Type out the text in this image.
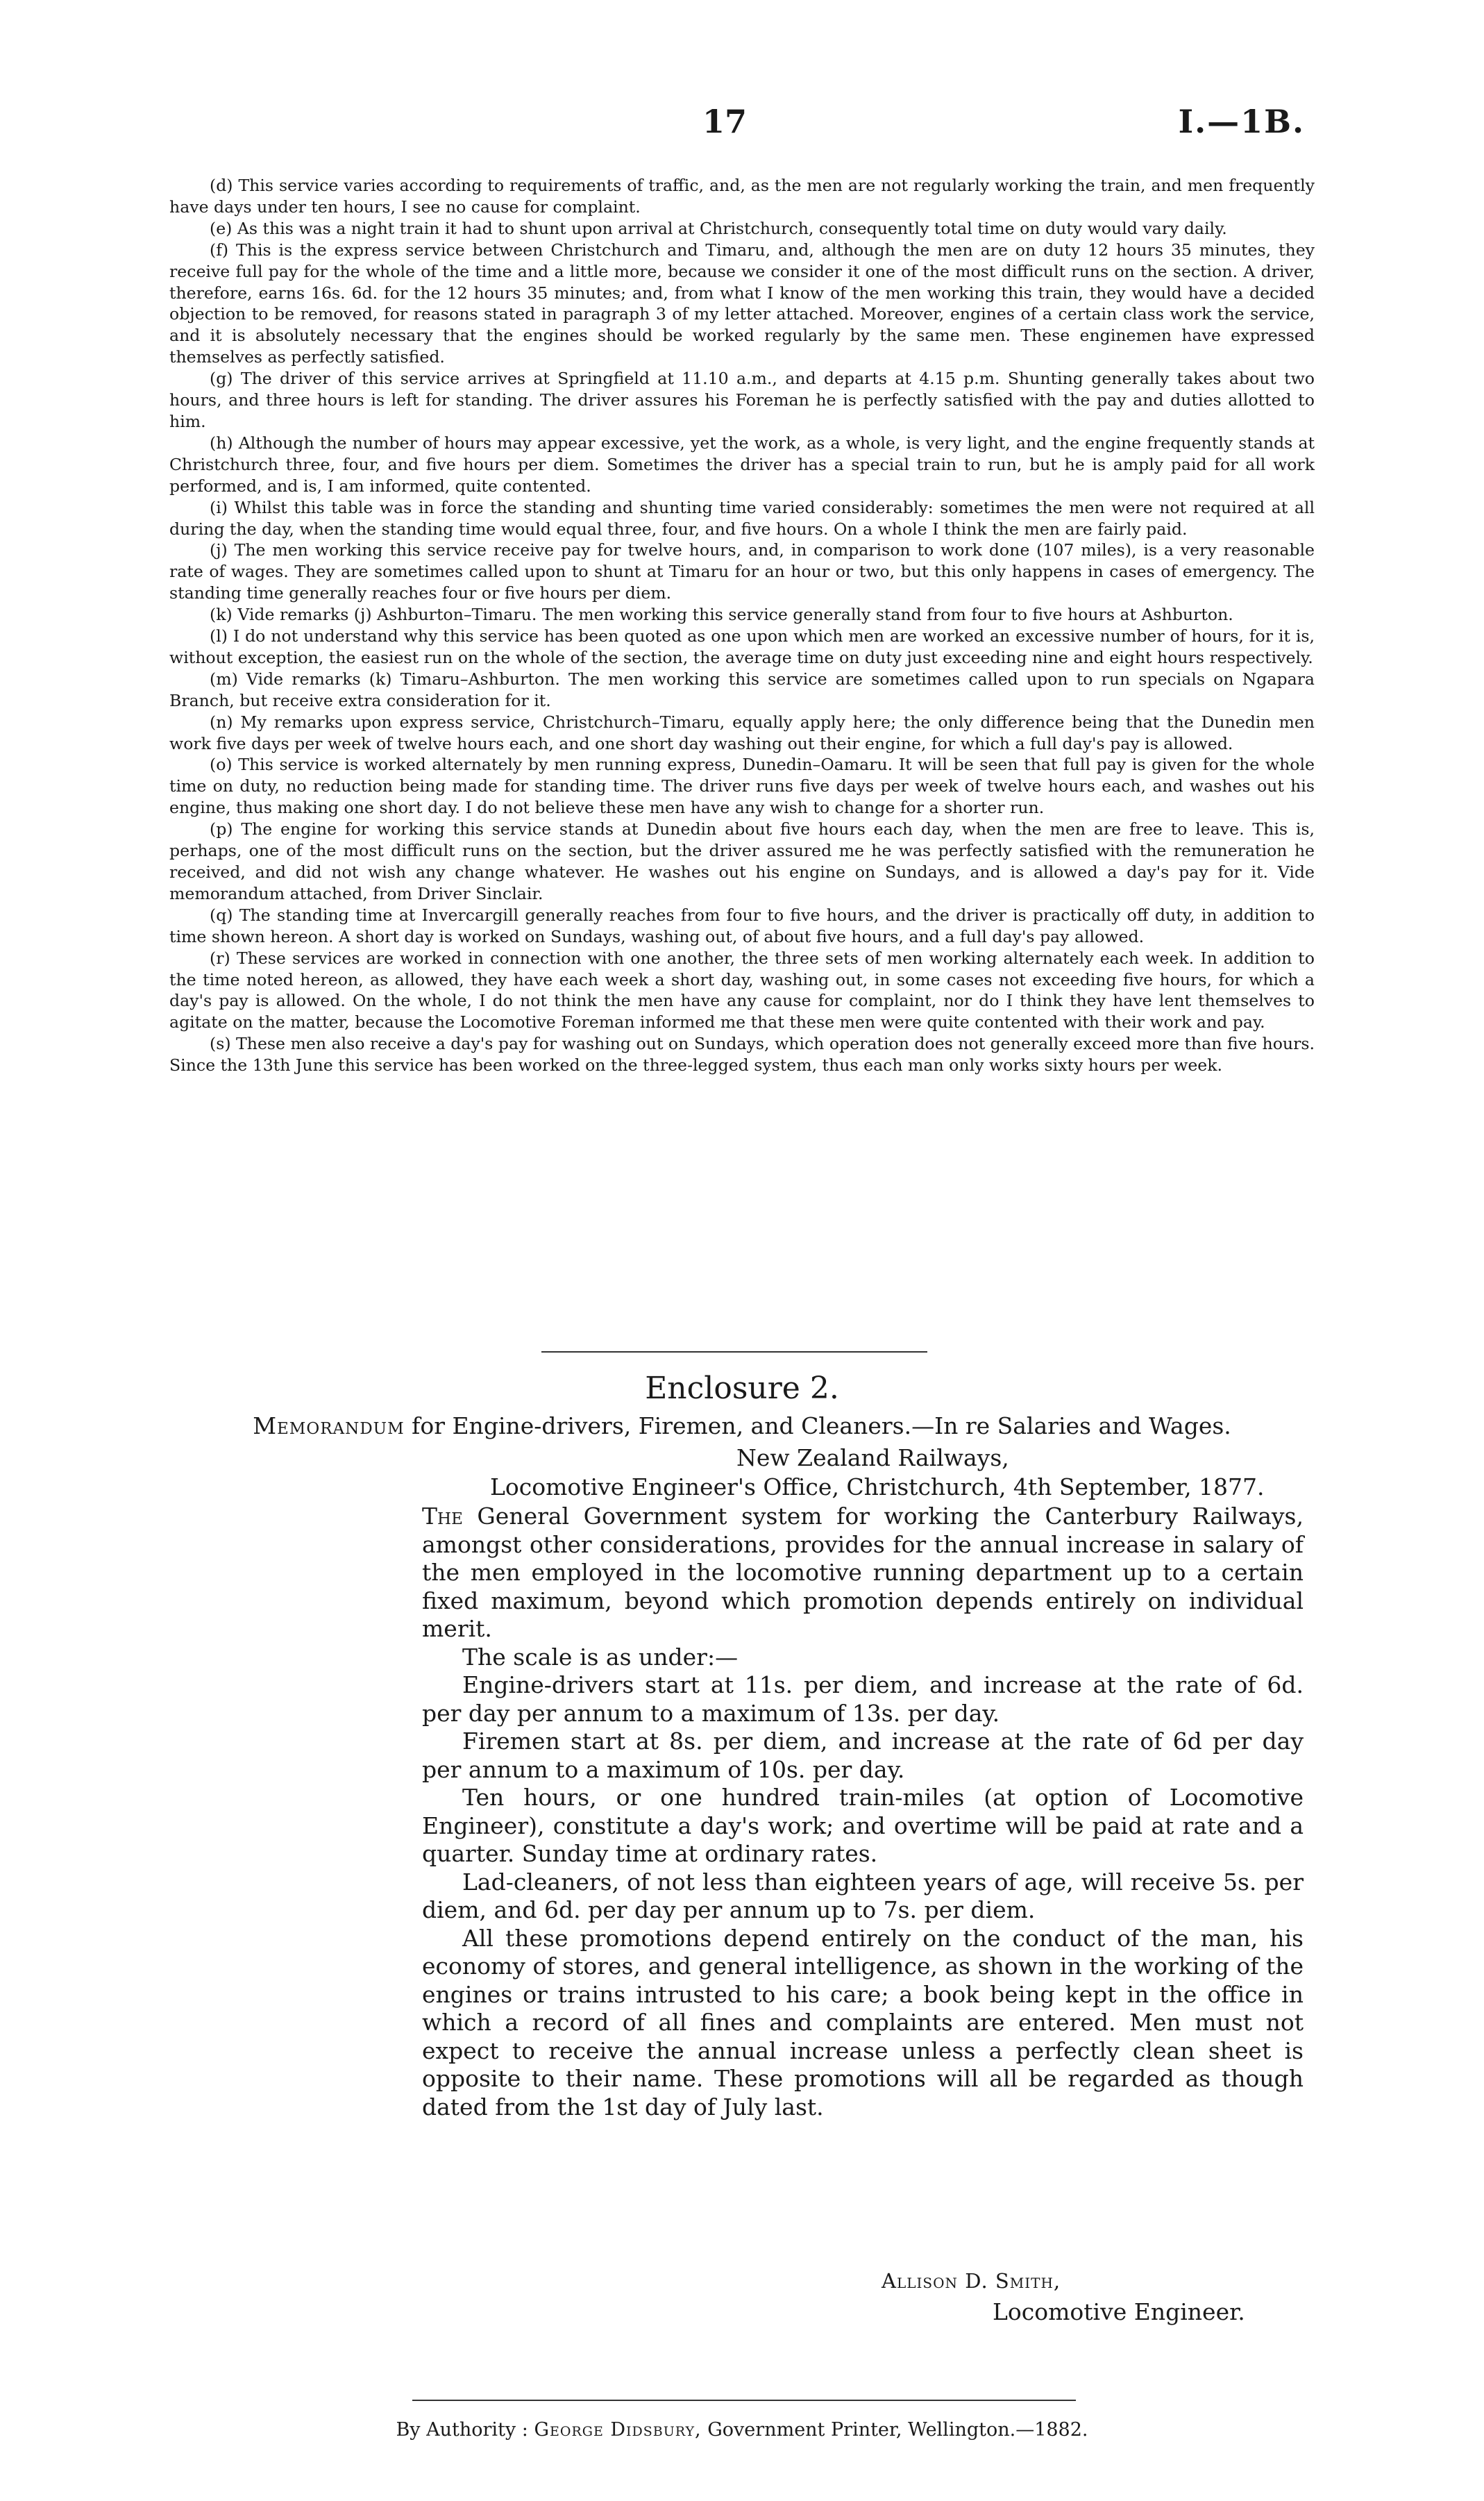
17	I.—1B.

(d) This service varies according to requirements of traffic, and, as the men are not regularly working the train, and men frequently have days under ten hours, I see no cause for complaint.

(e) As this was a night train it had to shunt upon arrival at Christchurch, consequently total time on duty would vary daily.

(f) This is the express service between Christchurch and Timaru, and, although the men are on duty 12 hours 35 minutes, they receive full pay for the whole of the time and a little more, because we consider it one of the most difficult runs on the section. A driver, therefore, earns 16s. 6d. for the 12 hours 35 minutes; and, from what I know of the men working this train, they would have a decided objection to be removed, for reasons stated in paragraph 3 of my letter attached. Moreover, engines of a certain class work the service, and it is absolutely necessary that the engines should be worked regularly by the same men. These enginemen have expressed themselves as perfectly satisfied.

(g) The driver of this service arrives at Springfield at 11.10 a.m., and departs at 4.15 p.m. Shunting generally takes about two hours, and three hours is left for standing. The driver assures his Foreman he is perfectly satisfied with the pay and duties allotted to him.

(h) Although the number of hours may appear excessive, yet the work, as a whole, is very light, and the engine frequently stands at Christchurch three, four, and five hours per diem. Sometimes the driver has a special train to run, but he is amply paid for all work performed, and is, I am informed, quite contented.

(i) Whilst this table was in force the standing and shunting time varied considerably: sometimes the men were not required at all during the day, when the standing time would equal three, four, and five hours. On a whole I think the men are fairly paid.

(j) The men working this service receive pay for twelve hours, and, in comparison to work done (107 miles), is a very reasonable rate of wages. They are sometimes called upon to shunt at Timaru for an hour or two, but this only happens in cases of emergency. The standing time generally reaches four or five hours per diem.

(k) Vide remarks (j) Ashburton–Timaru. The men working this service generally stand from four to five hours at Ashburton.

(l) I do not understand why this service has been quoted as one upon which men are worked an excessive number of hours, for it is, without exception, the easiest run on the whole of the section, the average time on duty just exceeding nine and eight hours respectively.

(m) Vide remarks (k) Timaru–Ashburton. The men working this service are sometimes called upon to run specials on Ngapara Branch, but receive extra consideration for it.

(n) My remarks upon express service, Christchurch–Timaru, equally apply here; the only difference being that the Dunedin men work five days per week of twelve hours each, and one short day washing out their engine, for which a full day's pay is allowed.

(o) This service is worked alternately by men running express, Dunedin–Oamaru. It will be seen that full pay is given for the whole time on duty, no reduction being made for standing time. The driver runs five days per week of twelve hours each, and washes out his engine, thus making one short day. I do not believe these men have any wish to change for a shorter run.

(p) The engine for working this service stands at Dunedin about five hours each day, when the men are free to leave. This is, perhaps, one of the most difficult runs on the section, but the driver assured me he was perfectly satisfied with the remuneration he received, and did not wish any change whatever. He washes out his engine on Sundays, and is allowed a day's pay for it. Vide memorandum attached, from Driver Sinclair.

(q) The standing time at Invercargill generally reaches from four to five hours, and the driver is practically off duty, in addition to time shown hereon. A short day is worked on Sundays, washing out, of about five hours, and a full day's pay allowed.

(r) These services are worked in connection with one another, the three sets of men working alternately each week. In addition to the time noted hereon, as allowed, they have each week a short day, washing out, in some cases not exceeding five hours, for which a day's pay is allowed. On the whole, I do not think the men have any cause for complaint, nor do I think they have lent themselves to agitate on the matter, because the Locomotive Foreman informed me that these men were quite contented with their work and pay.

(s) These men also receive a day's pay for washing out on Sundays, which operation does not generally exceed more than five hours. Since the 13th June this service has been worked on the three-legged system, thus each man only works sixty hours per week.

Enclosure 2.
Memorandum for Engine-drivers, Firemen, and Cleaners.—In re Salaries and Wages.
New Zealand Railways,
Locomotive Engineer's Office, Christchurch, 4th September, 1877.

The General Government system for working the Canterbury Railways, amongst other considerations, provides for the annual increase in salary of the men employed in the locomotive running department up to a certain fixed maximum, beyond which promotion depends entirely on individual merit.

The scale is as under:—

Engine-drivers start at 11s. per diem, and increase at the rate of 6d. per day per annum to a maximum of 13s. per day.

Firemen start at 8s. per diem, and increase at the rate of 6d per day per annum to a maximum of 10s. per day.

Ten hours, or one hundred train-miles (at option of Locomotive Engineer), constitute a day's work; and overtime will be paid at rate and a quarter. Sunday time at ordinary rates.

Lad-cleaners, of not less than eighteen years of age, will receive 5s. per diem, and 6d. per day per annum up to 7s. per diem.

All these promotions depend entirely on the conduct of the man, his economy of stores, and general intelligence, as shown in the working of the engines or trains intrusted to his care; a book being kept in the office in which a record of all fines and complaints are entered. Men must not expect to receive the annual increase unless a perfectly clean sheet is opposite to their name. These promotions will all be regarded as though dated from the 1st day of July last.

Allison D. Smith,
Locomotive Engineer.
By Authority : George Didsbury, Government Printer, Wellington.—1882.
